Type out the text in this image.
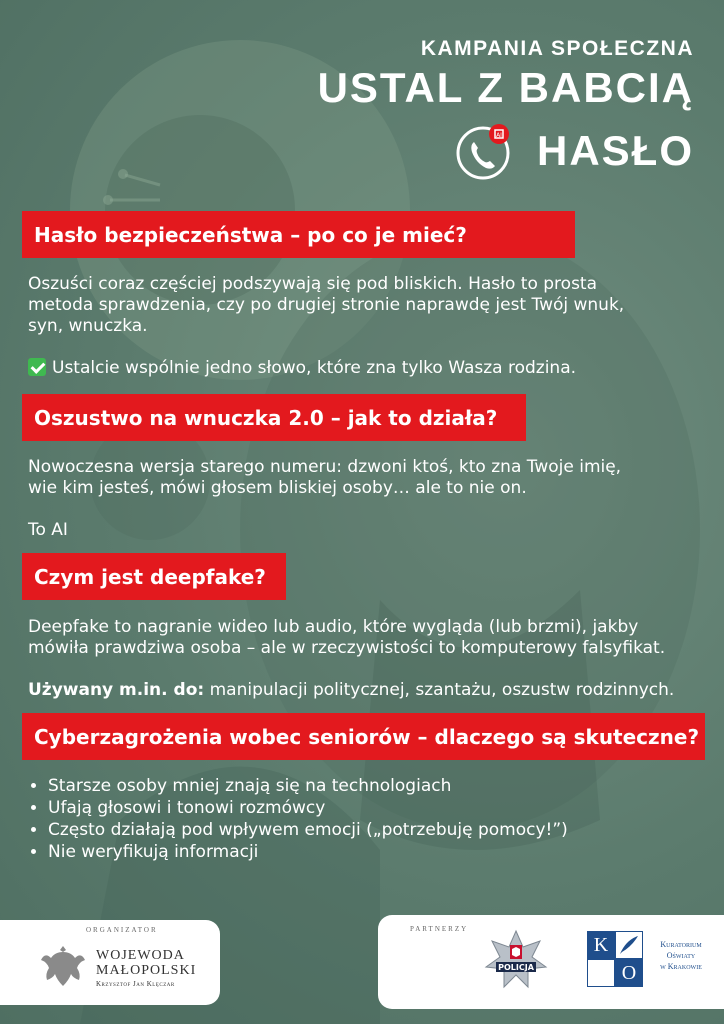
KAMPANIA SPOŁECZNA
USTAL Z BABCIĄ
AI HASŁO
Hasło bezpieczeństwa – po co je mieć?
Oszuści coraz częściej podszywają się pod bliskich. Hasło to prosta
metoda sprawdzenia, czy po drugiej stronie naprawdę jest Twój wnuk,
syn, wnuczka.
Ustalcie wspólnie jedno słowo, które zna tylko Wasza rodzina.
Oszustwo na wnuczka 2.0 – jak to działa?
Nowoczesna wersja starego numeru: dzwoni ktoś, kto zna Twoje imię,
wie kim jesteś, mówi głosem bliskiej osoby… ale to nie on.
To AI
Czym jest deepfake?
Deepfake to nagranie wideo lub audio, które wygląda (lub brzmi), jakby
mówiła prawdziwa osoba – ale w rzeczywistości to komputerowy falsyfikat.
Używany m.in. do: manipulacji politycznej, szantażu, oszustw rodzinnych.
Cyberzagrożenia wobec seniorów – dlaczego są skuteczne?
• Starsze osoby mniej znają się na technologiach
• Ufają głosowi i tonowi rozmówcy
• Często działają pod wpływem emocji („potrzebuję pomocy!”)
• Nie weryfikują informacji
ORGANIZATOR
WOJEWODA
MAŁOPOLSKI
Krzysztof Jan Klęczar
PARTNERZY
POLICJA
K
O
Kuratorium
Oświaty
w Krakowie
